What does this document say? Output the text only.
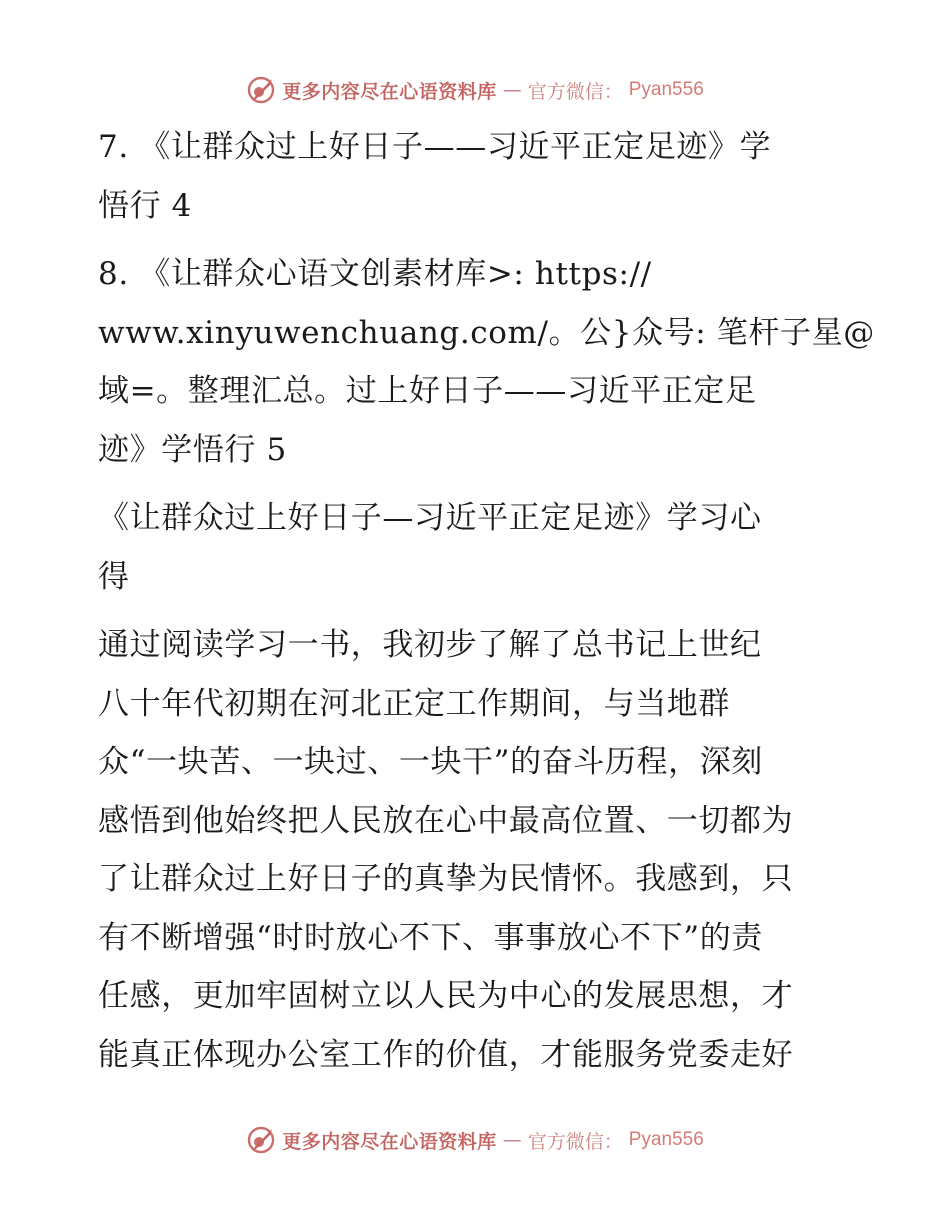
更多内容尽在心语资料库 — 官方微信： Pyan556

7. 《让群众过上好日子——习近平正定足迹》学
悟行 4

8. 《让群众心语文创素材库>: https://
www.xinyuwenchuang.com/。公}众号: 笔杆子星@
域=。整理汇总。过上好日子——习近平正定足
迹》学悟行 5

《让群众过上好日子—习近平正定足迹》学习心
得

通过阅读学习一书，我初步了解了总书记上世纪
八十年代初期在河北正定工作期间，与当地群
众“一块苦、一块过、一块干”的奋斗历程，深刻
感悟到他始终把人民放在心中最高位置、一切都为
了让群众过上好日子的真挚为民情怀。我感到，只
有不断增强“时时放心不下、事事放心不下”的责
任感，更加牢固树立以人民为中心的发展思想，才
能真正体现办公室工作的价值，才能服务党委走好

更多内容尽在心语资料库 — 官方微信： Pyan556
